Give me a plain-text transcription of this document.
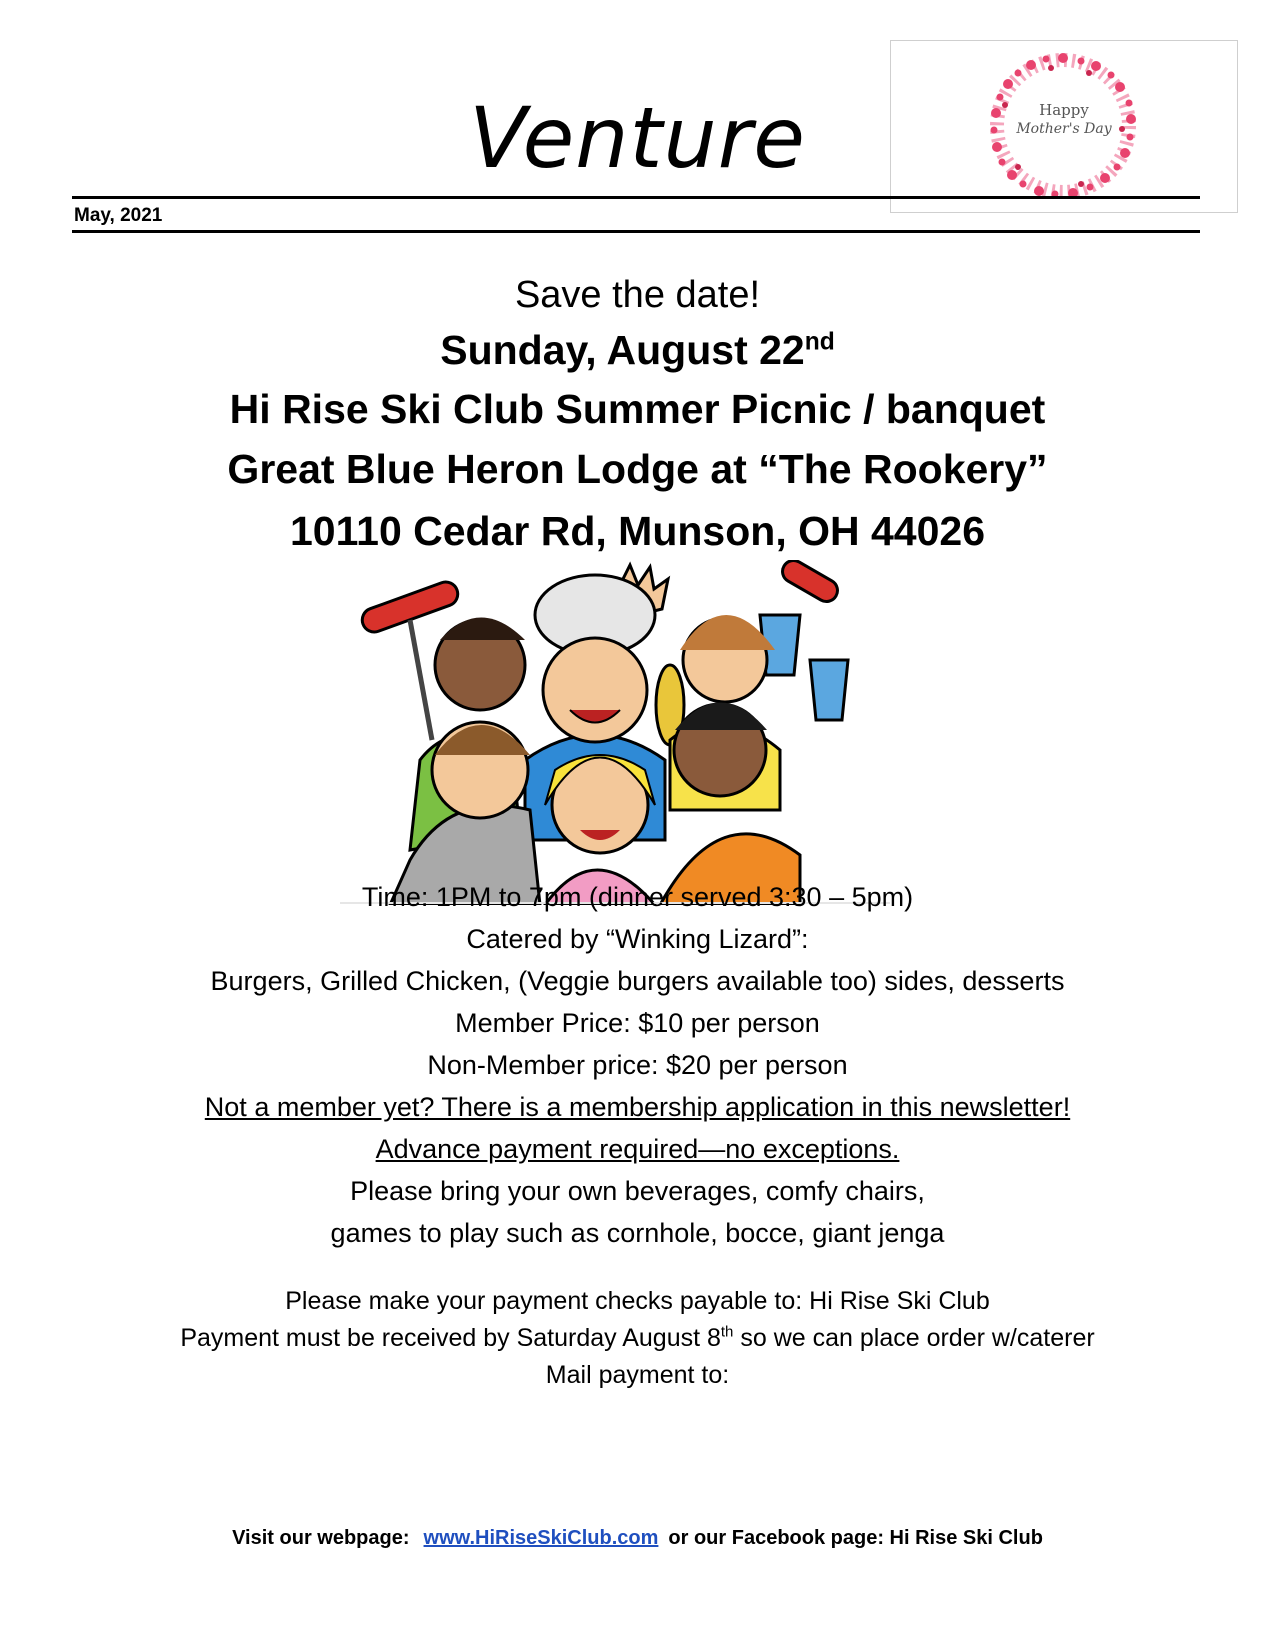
Venture	Happy
Mother's Day
May, 2021
Save the date!
Sunday, August 22nd
Hi Rise Ski Club Summer Picnic / banquet
Great Blue Heron Lodge at “The Rookery”
10110 Cedar Rd, Munson, OH 44026
Time: 1PM to 7pm (dinner served 3:30 – 5pm)
Catered by “Winking Lizard”:
Burgers, Grilled Chicken, (Veggie burgers available too) sides, desserts
Member Price: $10 per person
Non-Member price: $20 per person
Not a member yet? There is a membership application in this newsletter!
Advance payment required—no exceptions.
Please bring your own beverages, comfy chairs,
games to play such as cornhole, bocce, giant jenga
Please make your payment checks payable to: Hi Rise Ski Club
Payment must be received by Saturday August 8th so we can place order w/caterer
Mail payment to:
Visit our webpage: www.HiRiseSkiClub.com or our Facebook page: Hi Rise Ski Club
